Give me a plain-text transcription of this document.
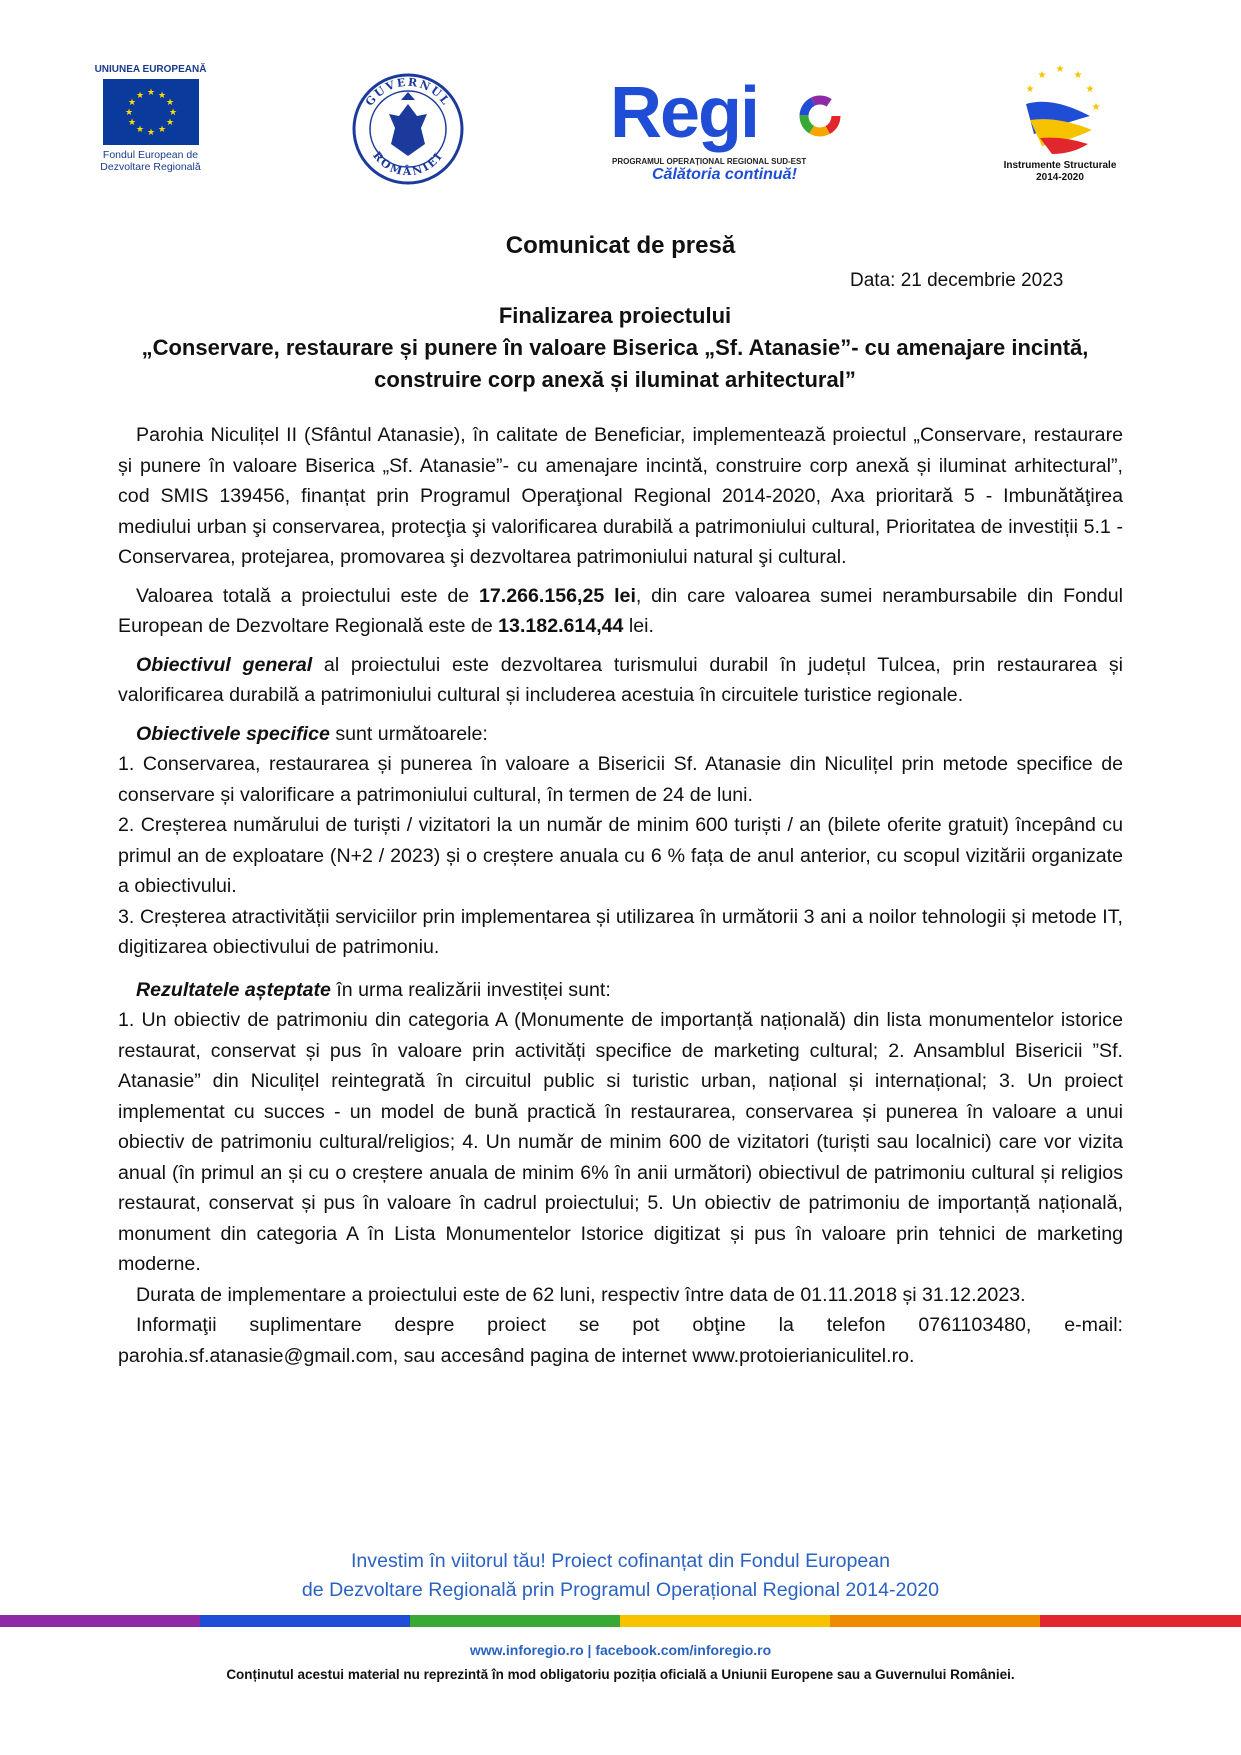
UNIUNEA EUROPEANĂ
★ ★
★
★
★
★
★
★
★
★
★
★
Fondul European de
Dezvoltare Regională
GUVERNUL
ROMÂNIEI
Regi
PROGRAMUL OPERAȚIONAL REGIONAL SUD-EST
Călătoria continuă!
★
★
★
★
★
★
Instrumente Structurale
2014-2020
Comunicat de presă
Data: 21 decembrie 2023
Finalizarea proiectului
„Conservare, restaurare și punere în valoare Biserica „Sf. Atanasie”- cu amenajare incintă, construire corp anexă și iluminat arhitectural”

Parohia Niculițel II (Sfântul Atanasie), în calitate de Beneficiar, implementează proiectul „Conservare, restaurare și punere în valoare Biserica „Sf. Atanasie”- cu amenajare incintă, construire corp anexă și iluminat arhitectural”, cod SMIS 139456, finanțat prin Programul Operaţional Regional 2014-2020, Axa prioritară 5 - Imbunătăţirea mediului urban şi conservarea, protecţia şi valorificarea durabilă a patrimoniului cultural, Prioritatea de investiții 5.1 - Conservarea, protejarea, promovarea şi dezvoltarea patrimoniului natural şi cultural.

Valoarea totală a proiectului este de 17.266.156,25 lei, din care valoarea sumei nerambursabile din Fondul European de Dezvoltare Regională este de 13.182.614,44 lei.

Obiectivul general al proiectului este dezvoltarea turismului durabil în județul Tulcea, prin restaurarea și valorificarea durabilă a patrimoniului cultural și includerea acestuia în circuitele turistice regionale.

Obiectivele specifice sunt următoarele:

1. Conservarea, restaurarea și punerea în valoare a Bisericii Sf. Atanasie din Niculițel prin metode specifice de conservare și valorificare a patrimoniului cultural, în termen de 24 de luni.

2. Creșterea numărului de turiști / vizitatori la un număr de minim 600 turiști / an (bilete oferite gratuit) începând cu primul an de exploatare (N+2 / 2023) și o creștere anuala cu 6 % fața de anul anterior, cu scopul vizitării organizate a obiectivului.

3. Creșterea atractivității serviciilor prin implementarea și utilizarea în următorii 3 ani a noilor tehnologii și metode IT, digitizarea obiectivului de patrimoniu.

Rezultatele așteptate în urma realizării investiței sunt:

1. Un obiectiv de patrimoniu din categoria A (Monumente de importanță națională) din lista monumentelor istorice restaurat, conservat și pus în valoare prin activități specifice de marketing cultural; 2. Ansamblul Bisericii ”Sf. Atanasie” din Niculițel reintegrată în circuitul public si turistic urban, național și internațional; 3. Un proiect implementat cu succes - un model de bună practică în restaurarea, conservarea și punerea în valoare a unui obiectiv de patrimoniu cultural/religios; 4. Un număr de minim 600 de vizitatori (turiști sau localnici) care vor vizita anual (în primul an și cu o creștere anuala de minim 6% în anii următori) obiectivul de patrimoniu cultural și religios restaurat, conservat și pus în valoare în cadrul proiectului; 5. Un obiectiv de patrimoniu de importanță națională, monument din categoria A în Lista Monumentelor Istorice digitizat și pus în valoare prin tehnici de marketing moderne.

Durata de implementare a proiectului este de 62 luni, respectiv între data de 01.11.2018 și 31.12.2023.

Informaţii suplimentare despre proiect se pot obţine la telefon 0761103480, e-mail: parohia.sf.atanasie@gmail.com, sau accesând pagina de internet www.protoierianiculitel.ro.

Investim în viitorul tău! Proiect cofinanțat din Fondul European
de Dezvoltare Regională prin Programul Operațional Regional 2014-2020
www.inforegio.ro | facebook.com/inforegio.ro
Conținutul acestui material nu reprezintă în mod obligatoriu poziția oficială a Uniunii Europene sau a Guvernului României.
